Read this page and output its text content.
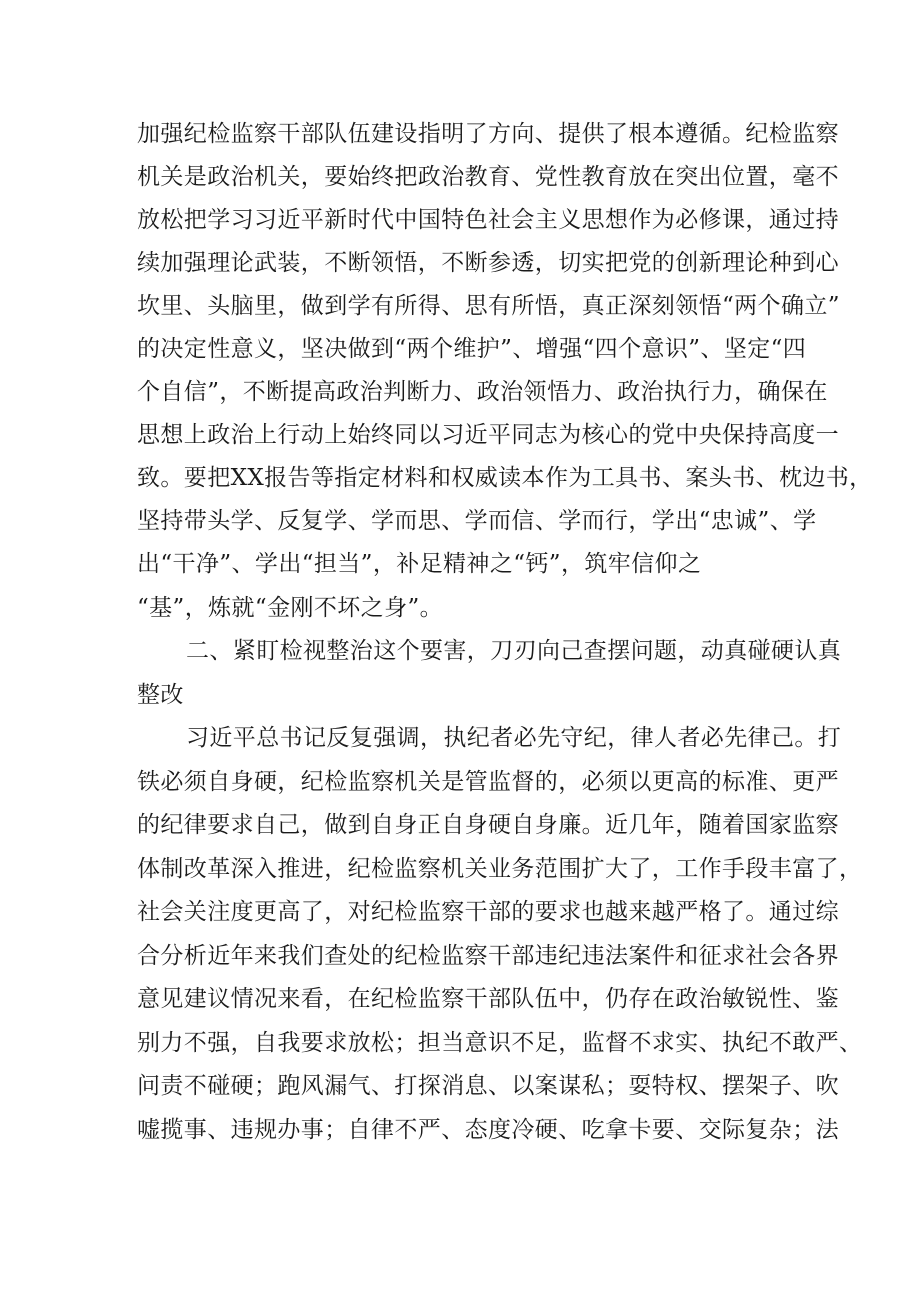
加强纪检监察干部队伍建设指明了方向、提供了根本遵循。纪检监察
机关是政治机关，要始终把政治教育、党性教育放在突出位置，毫不
放松把学习习近平新时代中国特色社会主义思想作为必修课，通过持
续加强理论武装，不断领悟，不断参透，切实把党的创新理论种到心
坎里、头脑里，做到学有所得、思有所悟，真正深刻领悟“两个确立”
的决定性意义，坚决做到“两个维护”、增强“四个意识”、坚定“四
个自信”，不断提高政治判断力、政治领悟力、政治执行力，确保在
思想上政治上行动上始终同以习近平同志为核心的党中央保持高度一
致。要把XX报告等指定材料和权威读本作为工具书、案头书、枕边书，
坚持带头学、反复学、学而思、学而信、学而行，学出“忠诚”、学
出“干净”、学出“担当”，补足精神之“钙”，筑牢信仰之
“基”，炼就“金刚不坏之身”。
二、紧盯检视整治这个要害，刀刃向己查摆问题，动真碰硬认真
整改
习近平总书记反复强调，执纪者必先守纪，律人者必先律己。打
铁必须自身硬，纪检监察机关是管监督的，必须以更高的标准、更严
的纪律要求自己，做到自身正自身硬自身廉。近几年，随着国家监察
体制改革深入推进，纪检监察机关业务范围扩大了，工作手段丰富了，
社会关注度更高了，对纪检监察干部的要求也越来越严格了。通过综
合分析近年来我们查处的纪检监察干部违纪违法案件和征求社会各界
意见建议情况来看，在纪检监察干部队伍中，仍存在政治敏锐性、鉴
别力不强，自我要求放松；担当意识不足，监督不求实、执纪不敢严、
问责不碰硬；跑风漏气、打探消息、以案谋私；耍特权、摆架子、吹
嘘揽事、违规办事；自律不严、态度冷硬、吃拿卡要、交际复杂；法
